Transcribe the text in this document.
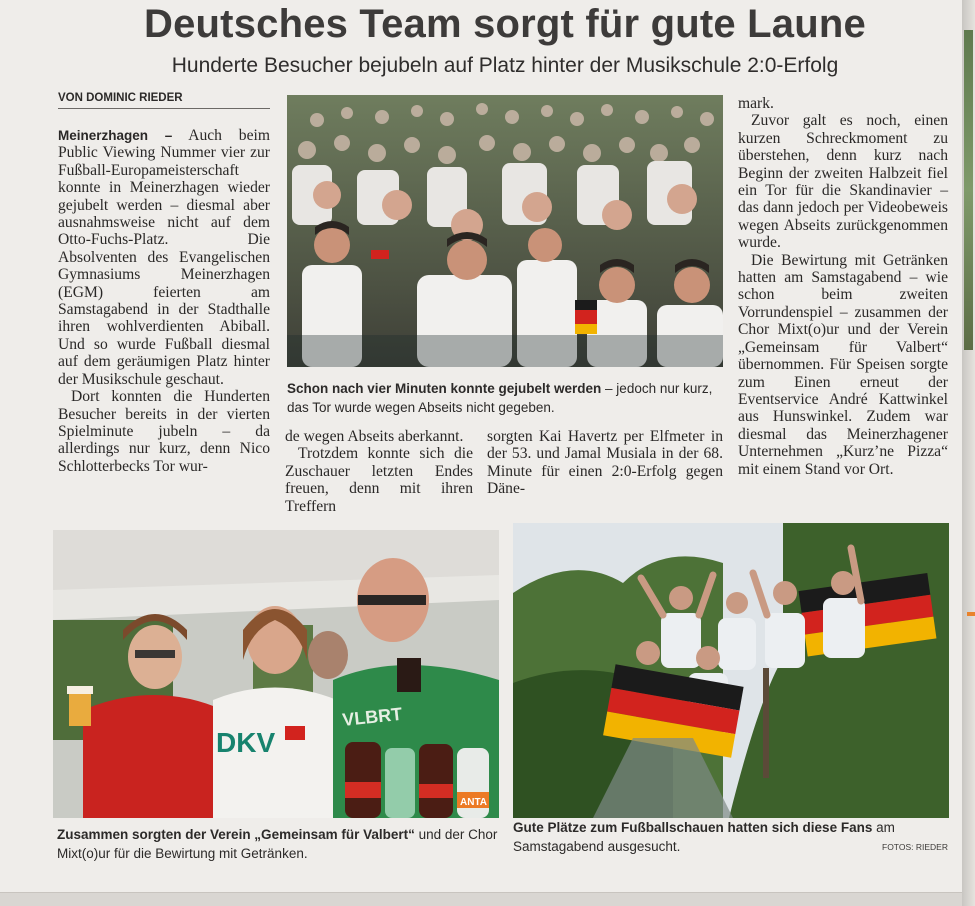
Deutsches Team sorgt für gute Laune
Hunderte Besucher bejubeln auf Platz hinter der Musikschule 2:0-Erfolg
VON DOMINIC RIEDER

Meinerzhagen – Auch beim Public Viewing Nummer vier zur Fußball-Europameisterschaft konnte in Meinerzhagen wieder gejubelt werden – diesmal aber ausnahmsweise nicht auf dem Otto-Fuchs-Platz. Die Absolventen des Evangelischen Gymnasiums Meinerzhagen (EGM) feierten am Samstagabend in der Stadthalle ihren wohlverdienten Abiball. Und so wurde Fußball diesmal auf dem geräumigen Platz hinter der Musikschule geschaut.

Dort konnten die Hunderten Besucher bereits in der vierten Spielminute jubeln – da allerdings nur kurz, denn Nico Schlotterbecks Tor wur-

Schon nach vier Minuten konnte gejubelt werden – jedoch nur kurz, das Tor wurde wegen Abseits nicht gegeben.

de wegen Abseits aberkannt.

Trotzdem konnte sich die Zuschauer letzten Endes freuen, denn mit ihren Treffern

sorgten Kai Havertz per Elfmeter in der 53. und Jamal Musiala in der 68. Minute für einen 2:0-Erfolg gegen Däne-

mark.

Zuvor galt es noch, einen kurzen Schreckmoment zu überstehen, denn kurz nach Beginn der zweiten Halbzeit fiel ein Tor für die Skandinavier – das dann jedoch per Videobeweis wegen Abseits zurückgenommen wurde.

Die Bewirtung mit Getränken hatten am Samstagabend – wie schon beim zweiten Vorrundenspiel – zusammen der Chor Mixt(o)ur und der Verein „Gemeinsam für Valbert“ übernommen. Für Speisen sorgte zum Einen erneut der Eventservice André Kattwinkel aus Hunswinkel. Zudem war diesmal das Meinerzhagener Unternehmen „Kurz’ne Pizza“ mit einem Stand vor Ort.

DKV
VLBRT
ANTA
Zusammen sorgten der Verein „Gemeinsam für Valbert“ und der Chor Mixt(o)ur für die Bewirtung mit Getränken.
Gute Plätze zum Fußballschauen hatten sich diese Fans am Samstagabend ausgesucht.	FOTOS: RIEDER
